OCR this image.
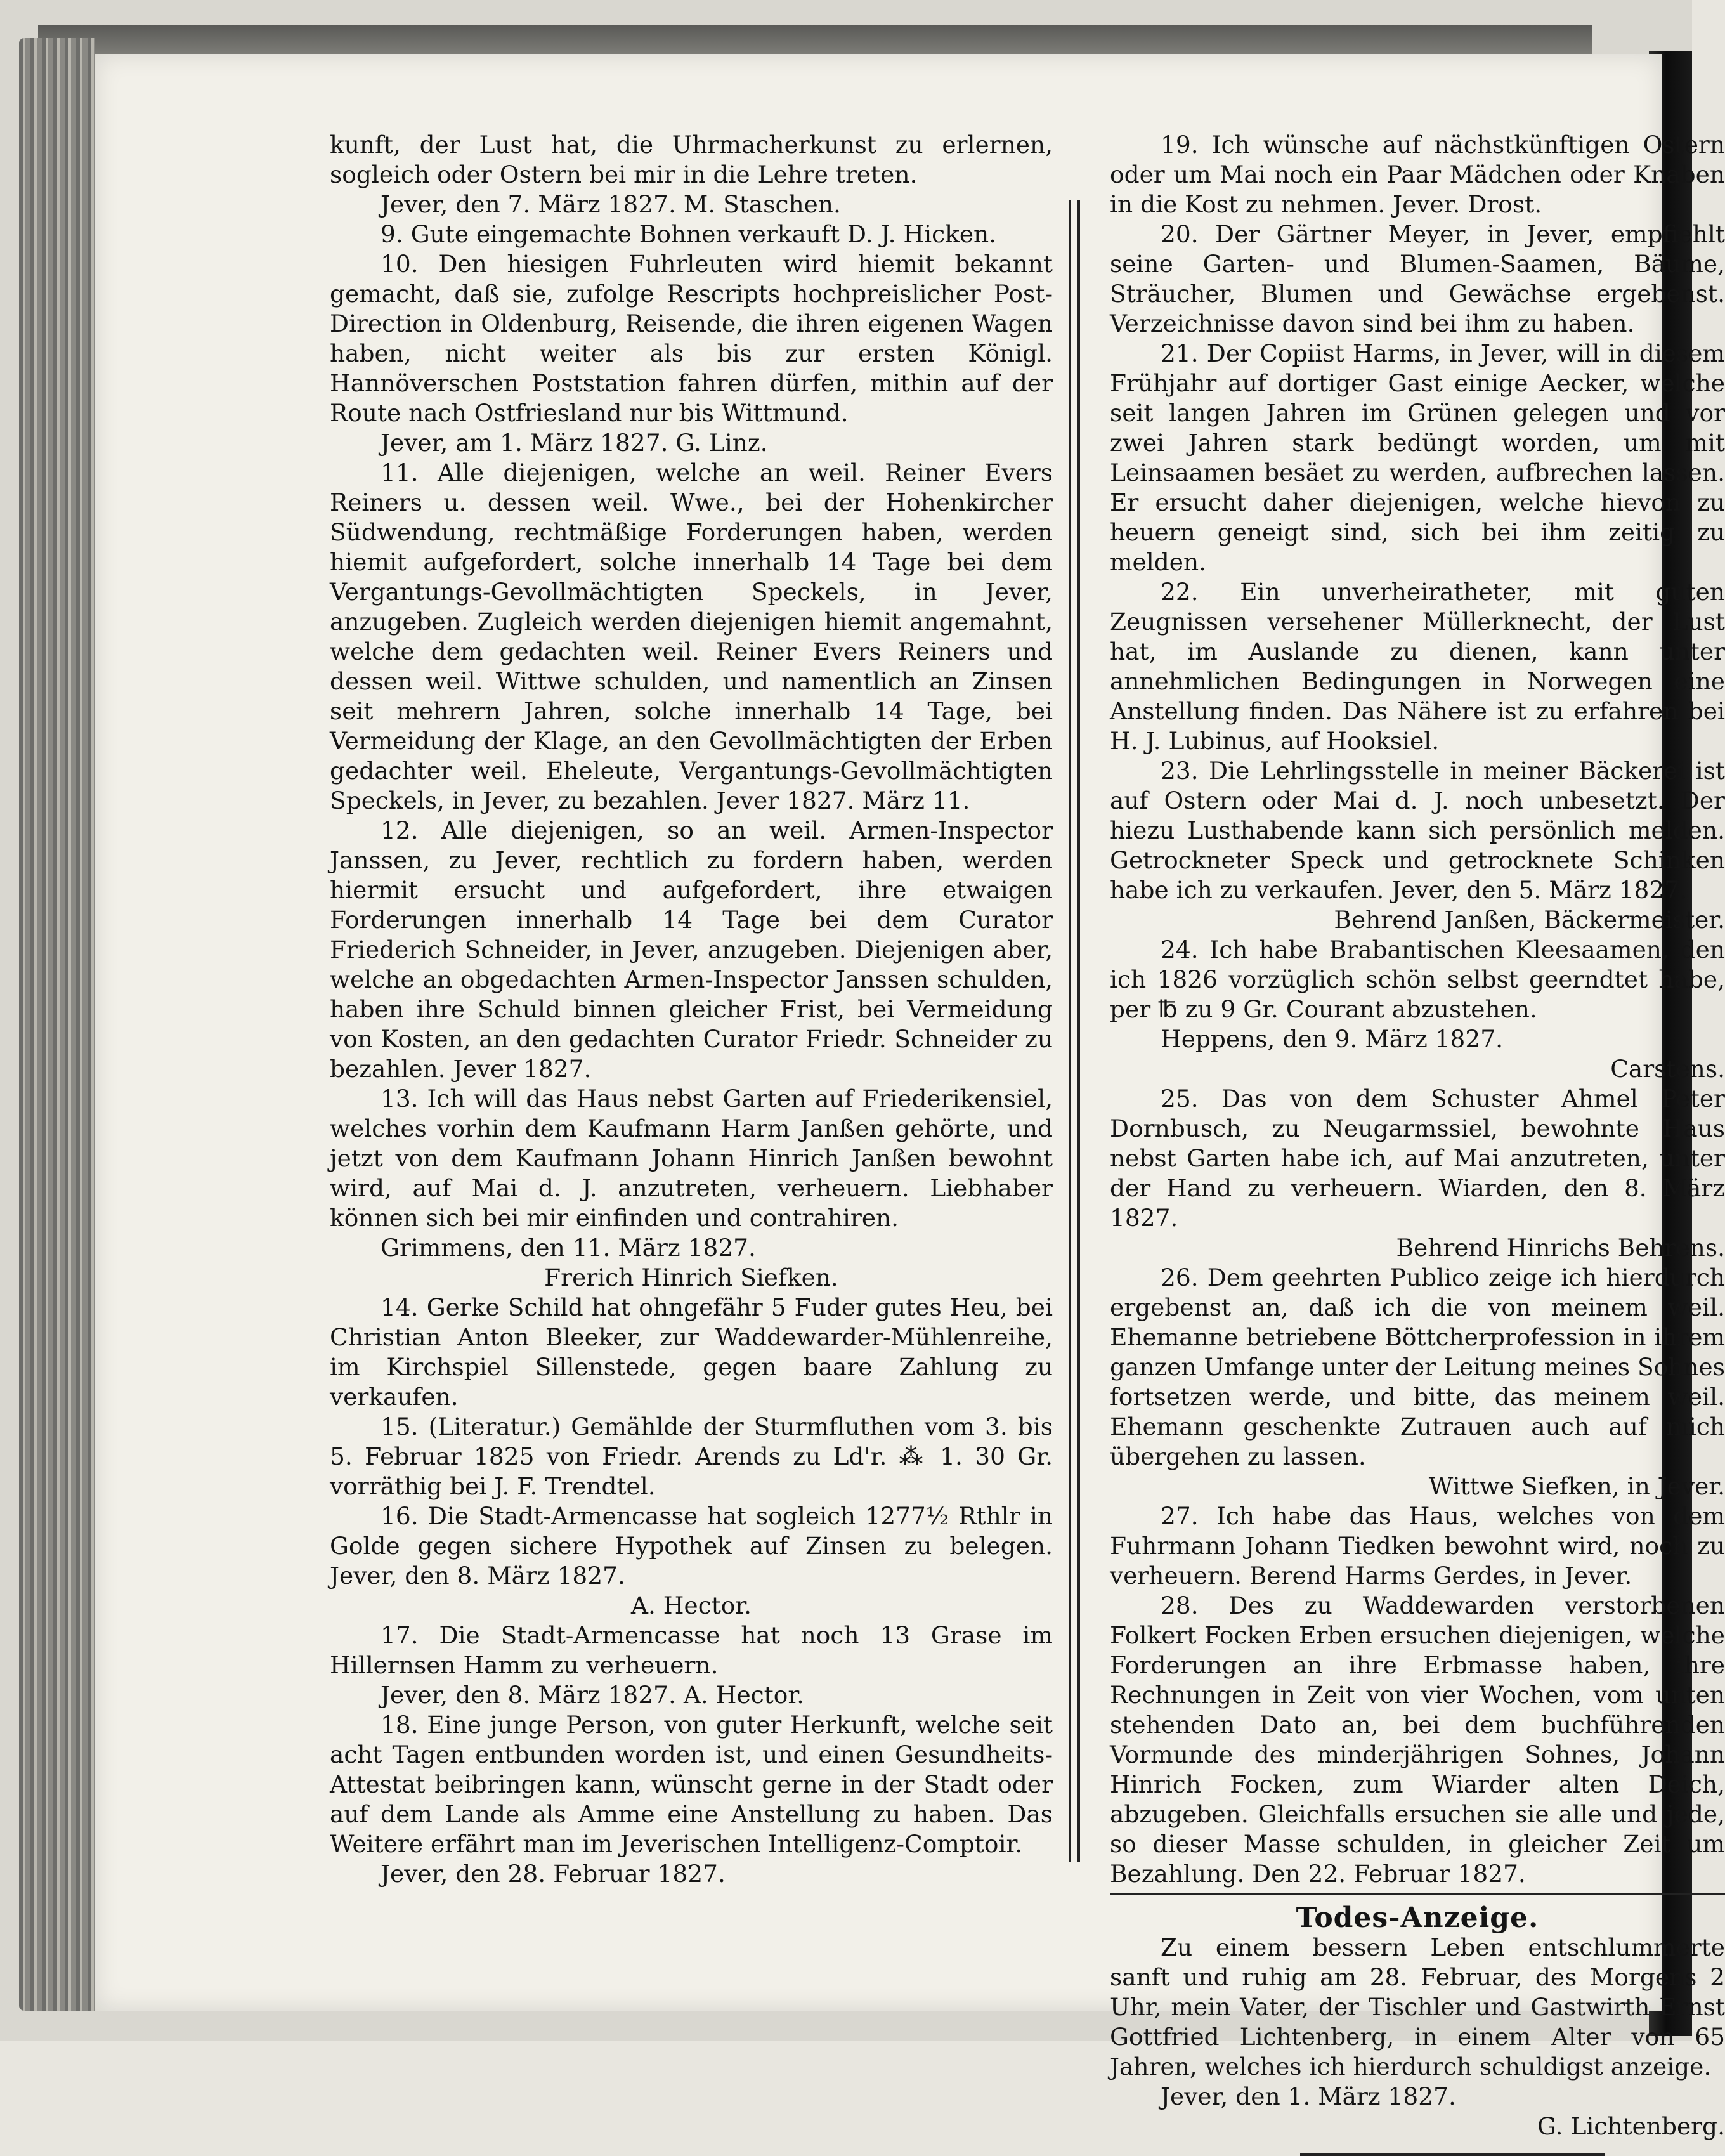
kunft, der Lust hat, die Uhrmacherkunst zu erlernen, sogleich oder Ostern bei mir in die Lehre treten.

Jever, den 7. März 1827. M. Staschen.

9. Gute eingemachte Bohnen verkauft D. J. Hicken.

10. Den hiesigen Fuhrleuten wird hiemit bekannt gemacht, daß sie, zufolge Rescripts hochpreislicher Post-Direction in Oldenburg, Reisende, die ihren eigenen Wagen haben, nicht weiter als bis zur ersten Königl. Hannöverschen Poststation fahren dürfen, mithin auf der Route nach Ostfriesland nur bis Wittmund.

Jever, am 1. März 1827. G. Linz.

11. Alle diejenigen, welche an weil. Reiner Evers Reiners u. dessen weil. Wwe., bei der Hohenkircher Südwendung, rechtmäßige Forderungen haben, werden hiemit aufgefordert, solche innerhalb 14 Tage bei dem Vergantungs-Gevollmächtigten Speckels, in Jever, anzugeben. Zugleich werden diejenigen hiemit angemahnt, welche dem gedachten weil. Reiner Evers Reiners und dessen weil. Wittwe schulden, und namentlich an Zinsen seit mehrern Jahren, solche innerhalb 14 Tage, bei Vermeidung der Klage, an den Gevollmächtigten der Erben gedachter weil. Eheleute, Vergantungs-Gevollmächtigten Speckels, in Jever, zu bezahlen. Jever 1827. März 11.

12. Alle diejenigen, so an weil. Armen-Inspector Janssen, zu Jever, rechtlich zu fordern haben, werden hiermit ersucht und aufgefordert, ihre etwaigen Forderungen innerhalb 14 Tage bei dem Curator Friederich Schneider, in Jever, anzugeben. Diejenigen aber, welche an obgedachten Armen-Inspector Janssen schulden, haben ihre Schuld binnen gleicher Frist, bei Vermeidung von Kosten, an den gedachten Curator Friedr. Schneider zu bezahlen. Jever 1827.

13. Ich will das Haus nebst Garten auf Friederikensiel, welches vorhin dem Kaufmann Harm Janßen gehörte, und jetzt von dem Kaufmann Johann Hinrich Janßen bewohnt wird, auf Mai d. J. anzutreten, verheuern. Liebhaber können sich bei mir einfinden und contrahiren.

Grimmens, den 11. März 1827.

Frerich Hinrich Siefken.

14. Gerke Schild hat ohngefähr 5 Fuder gutes Heu, bei Christian Anton Bleeker, zur Waddewarder-Mühlenreihe, im Kirchspiel Sillenstede, gegen baare Zahlung zu verkaufen.

15. (Literatur.) Gemählde der Sturmfluthen vom 3. bis 5. Februar 1825 von Friedr. Arends zu Ld'r. ⁂ 1. 30 Gr. vorräthig bei J. F. Trendtel.

16. Die Stadt-Armencasse hat sogleich 1277½ Rthlr in Golde gegen sichere Hypothek auf Zinsen zu belegen. Jever, den 8. März 1827.

A. Hector.

17. Die Stadt-Armencasse hat noch 13 Grase im Hillernsen Hamm zu verheuern.

Jever, den 8. März 1827. A. Hector.

18. Eine junge Person, von guter Herkunft, welche seit acht Tagen entbunden worden ist, und einen Gesundheits-Attestat beibringen kann, wünscht gerne in der Stadt oder auf dem Lande als Amme eine Anstellung zu haben. Das Weitere erfährt man im Jeverischen Intelligenz-Comptoir.

Jever, den 28. Februar 1827.

19. Ich wünsche auf nächstkünftigen Ostern oder um Mai noch ein Paar Mädchen oder Knaben in die Kost zu nehmen. Jever. Drost.

20. Der Gärtner Meyer, in Jever, empfiehlt seine Garten- und Blumen-Saamen, Bäume, Sträucher, Blumen und Gewächse ergebenst. Verzeichnisse davon sind bei ihm zu haben.

21. Der Copiist Harms, in Jever, will in diesem Frühjahr auf dortiger Gast einige Aecker, welche seit langen Jahren im Grünen gelegen und vor zwei Jahren stark bedüngt worden, um mit Leinsaamen besäet zu werden, aufbrechen lassen. Er ersucht daher diejenigen, welche hievon zu heuern geneigt sind, sich bei ihm zeitig zu melden.

22. Ein unverheiratheter, mit guten Zeugnissen versehener Müllerknecht, der Lust hat, im Auslande zu dienen, kann unter annehmlichen Bedingungen in Norwegen eine Anstellung finden. Das Nähere ist zu erfahren bei H. J. Lubinus, auf Hooksiel.

23. Die Lehrlingsstelle in meiner Bäckerei ist auf Ostern oder Mai d. J. noch unbesetzt. Der hiezu Lusthabende kann sich persönlich melden. Getrockneter Speck und getrocknete Schinken habe ich zu verkaufen. Jever, den 5. März 1827.

Behrend Janßen, Bäckermeister.

24. Ich habe Brabantischen Kleesaamen, den ich 1826 vorzüglich schön selbst geerndtet habe, per ℔ zu 9 Gr. Courant abzustehen.

Heppens, den 9. März 1827.

Carstens.

25. Das von dem Schuster Ahmel Peter Dornbusch, zu Neugarmssiel, bewohnte Haus nebst Garten habe ich, auf Mai anzutreten, unter der Hand zu verheuern. Wiarden, den 8. März 1827.

Behrend Hinrichs Behrens.

26. Dem geehrten Publico zeige ich hierdurch ergebenst an, daß ich die von meinem weil. Ehemanne betriebene Böttcherprofession in ihrem ganzen Umfange unter der Leitung meines Sohnes fortsetzen werde, und bitte, das meinem weil. Ehemann geschenkte Zutrauen auch auf mich übergehen zu lassen.

Wittwe Siefken, in Jever.

27. Ich habe das Haus, welches von dem Fuhrmann Johann Tiedken bewohnt wird, noch zu verheuern. Berend Harms Gerdes, in Jever.

28. Des zu Waddewarden verstorbenen Folkert Focken Erben ersuchen diejenigen, welche Forderungen an ihre Erbmasse haben, ihre Rechnungen in Zeit von vier Wochen, vom unten stehenden Dato an, bei dem buchführenden Vormunde des minderjährigen Sohnes, Johann Hinrich Focken, zum Wiarder alten Deich, abzugeben. Gleichfalls ersuchen sie alle und jede, so dieser Masse schulden, in gleicher Zeit um Bezahlung. Den 22. Februar 1827.

Todes-Anzeige.

Zu einem bessern Leben entschlummerte sanft und ruhig am 28. Februar, des Morgens 2 Uhr, mein Vater, der Tischler und Gastwirth Ernst Gottfried Lichtenberg, in einem Alter von 65 Jahren, welches ich hierdurch schuldigst anzeige.

Jever, den 1. März 1827.

G. Lichtenberg.
